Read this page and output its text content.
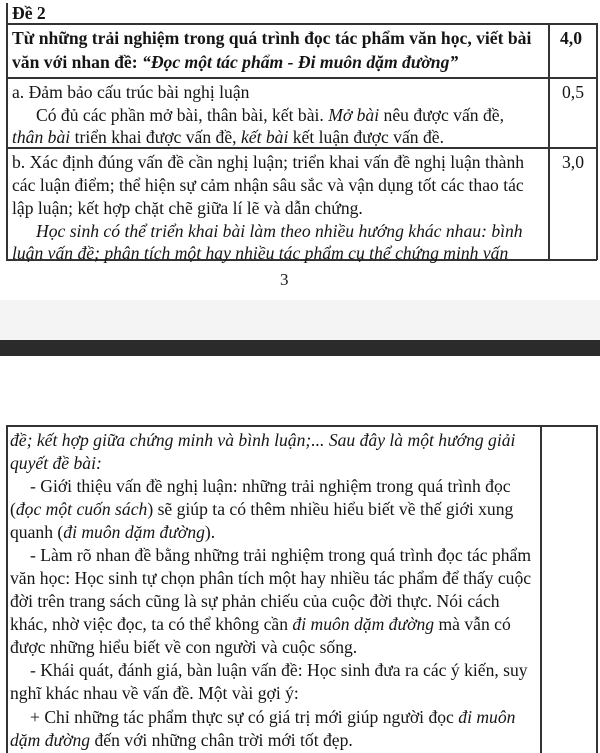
Đề 2
Từ những trải nghiệm trong quá trình đọc tác phẩm văn học, viết bài
văn với nhan đề: “Đọc một tác phẩm - Đi muôn dặm đường”
4,0
a. Đảm bảo cấu trúc bài nghị luận
Có đủ các phần mở bài, thân bài, kết bài. Mở bài nêu được vấn đề,
thân bài triển khai được vấn đề, kết bài kết luận được vấn đề.
0,5
b. Xác định đúng vấn đề cần nghị luận; triển khai vấn đề nghị luận thành
các luận điểm; thể hiện sự cảm nhận sâu sắc và vận dụng tốt các thao tác
lập luận; kết hợp chặt chẽ giữa lí lẽ và dẫn chứng.
Học sinh có thể triển khai bài làm theo nhiều hướng khác nhau: bình
luận vấn đề; phân tích một hay nhiều tác phẩm cụ thể chứng minh vấn
3,0
3
đề; kết hợp giữa chứng minh và bình luận;... Sau đây là một hướng giải
quyết đề bài:
- Giới thiệu vấn đề nghị luận: những trải nghiệm trong quá trình đọc
(đọc một cuốn sách) sẽ giúp ta có thêm nhiều hiểu biết về thế giới xung
quanh (đi muôn dặm đường).
- Làm rõ nhan đề bằng những trải nghiệm trong quá trình đọc tác phẩm
văn học: Học sinh tự chọn phân tích một hay nhiều tác phẩm để thấy cuộc
đời trên trang sách cũng là sự phản chiếu của cuộc đời thực. Nói cách
khác, nhờ việc đọc, ta có thể không cần đi muôn dặm đường mà vẫn có
được những hiểu biết về con người và cuộc sống.
- Khái quát, đánh giá, bàn luận vấn đề: Học sinh đưa ra các ý kiến, suy
nghĩ khác nhau về vấn đề. Một vài gợi ý:
+ Chỉ những tác phẩm thực sự có giá trị mới giúp người đọc đi muôn
dặm đường đến với những chân trời mới tốt đẹp.
